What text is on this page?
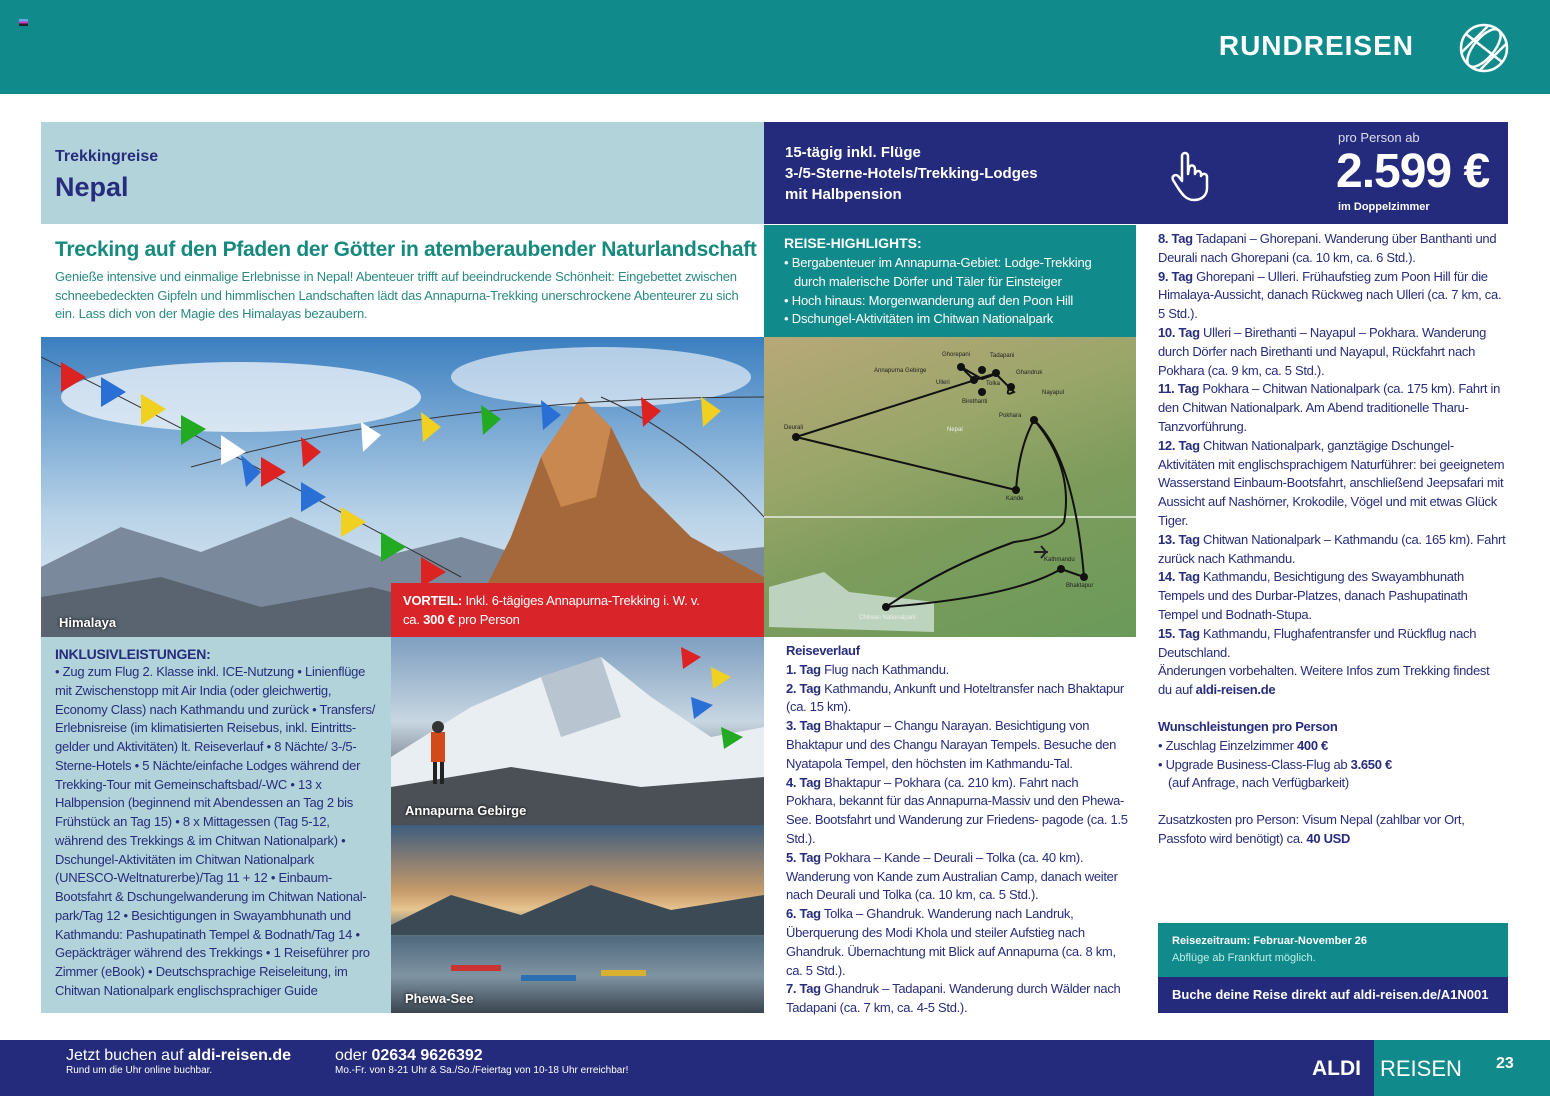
RUNDREISEN
Trekkingreise
Nepal
15-tägig inkl. Flüge
3-/5-Sterne-Hotels/Trekking-Lodges
mit Halbpension
pro Person ab
2.599 €
im Doppelzimmer
Trecking auf den Pfaden der Götter in atemberaubender Naturlandschaft
Genieße intensive und einmalige Erlebnisse in Nepal! Abenteuer trifft auf beeindruckende Schönheit: Eingebettet zwischen schneebedeckten Gipfeln und himmlischen Landschaften lädt das Annapurna-Trekking unerschrockene Abenteurer zu sich ein. Lass dich von der Magie des Himalayas bezaubern.
REISE-HIGHLIGHTS:
• Bergabenteuer im Annapurna-Gebiet: Lodge-Trekking durch malerische Dörfer und Täler für Einsteiger
• Hoch hinaus: Morgenwanderung auf den Poon Hill
• Dschungel-Aktivitäten im Chitwan Nationalpark
Himalaya
VORTEIL: Inkl. 6-tägiges Annapurna-Trekking i. W. v.
ca. 300 € pro Person
Ghorepani
Annapurna Gebirge
Tadapani
Ghandruk
Ulleri	Tolka
Birethanti
Nayapul
Deurali	Nepal
Pokhara
Kande
Kathmandu
Bhaktapur
Chitwan Nationalpark
INKLUSIVLEISTUNGEN:

• Zug zum Flug 2. Klasse inkl. ICE-Nutzung • Linienflüge mit Zwischenstopp mit Air India (oder gleichwertig, Economy Class) nach Kathmandu und zurück • Transfers/ Erlebnisreise (im klimatisierten Reisebus, inkl. Eintritts- gelder und Aktivitäten) lt. Reiseverlauf • 8 Nächte/ 3-/5-Sterne-Hotels • 5 Nächte/einfache Lodges während der Trekking-Tour mit Gemeinschaftsbad/-WC • 13 x Halbpension (beginnend mit Abendessen an Tag 2 bis Frühstück an Tag 15) • 8 x Mittagessen (Tag 5-12, während des Trekkings & im Chitwan Nationalpark) • Dschungel-Aktivitäten im Chitwan Nationalpark (UNESCO-Weltnaturerbe)/Tag 11 + 12 • Einbaum- Bootsfahrt & Dschungelwanderung im Chitwan National- park/Tag 12 • Besichtigungen in Swayambhunath und Kathmandu: Pashupatinath Tempel & Bodnath/Tag 14 • Gepäckträger während des Trekkings • 1 Reiseführer pro Zimmer (eBook) • Deutschsprachige Reiseleitung, im Chitwan Nationalpark englischsprachiger Guide

Annapurna Gebirge
Phewa-See
Reiseverlauf
1. Tag Flug nach Kathmandu.
2. Tag Kathmandu, Ankunft und Hoteltransfer nach Bhaktapur (ca. 15 km).
3. Tag Bhaktapur – Changu Narayan. Besichtigung von Bhaktapur und des Changu Narayan Tempels. Besuche den Nyatapola Tempel, den höchsten im Kathmandu-Tal.
4. Tag Bhaktapur – Pokhara (ca. 210 km). Fahrt nach Pokhara, bekannt für das Annapurna-Massiv und den Phewa-See. Bootsfahrt und Wanderung zur Friedens- pagode (ca. 1.5 Std.).
5. Tag Pokhara – Kande – Deurali – Tolka (ca. 40 km). Wanderung von Kande zum Australian Camp, danach weiter nach Deurali und Tolka (ca. 10 km, ca. 5 Std.).
6. Tag Tolka – Ghandruk. Wanderung nach Landruk, Überquerung des Modi Khola und steiler Aufstieg nach Ghandruk. Übernachtung mit Blick auf Annapurna (ca. 8 km, ca. 5 Std.).
7. Tag Ghandruk – Tadapani. Wanderung durch Wälder nach Tadapani (ca. 7 km, ca. 4-5 Std.).
8. Tag Tadapani – Ghorepani. Wanderung über Banthanti und Deurali nach Ghorepani (ca. 10 km, ca. 6 Std.).
9. Tag Ghorepani – Ulleri. Frühaufstieg zum Poon Hill für die Himalaya-Aussicht, danach Rückweg nach Ulleri (ca. 7 km, ca. 5 Std.).
10. Tag Ulleri – Birethanti – Nayapul – Pokhara. Wanderung durch Dörfer nach Birethanti und Nayapul, Rückfahrt nach Pokhara (ca. 9 km, ca. 5 Std.).
11. Tag Pokhara – Chitwan Nationalpark (ca. 175 km). Fahrt in den Chitwan Nationalpark. Am Abend traditionelle Tharu-Tanzvorführung.
12. Tag Chitwan Nationalpark, ganztägige Dschungel- Aktivitäten mit englischsprachigem Naturführer: bei geeignetem Wasserstand Einbaum-Bootsfahrt, anschließend Jeepsafari mit Aussicht auf Nashörner, Krokodile, Vögel und mit etwas Glück Tiger.
13. Tag Chitwan Nationalpark – Kathmandu (ca. 165 km). Fahrt zurück nach Kathmandu.
14. Tag Kathmandu, Besichtigung des Swayambhunath Tempels und des Durbar-Platzes, danach Pashupatinath Tempel und Bodnath-Stupa.
15. Tag Kathmandu, Flughafentransfer und Rückflug nach Deutschland.
Änderungen vorbehalten. Weitere Infos zum Trekking findest du auf aldi-reisen.de
Wunschleistungen pro Person
• Zuschlag Einzelzimmer 400 €
• Upgrade Business-Class-Flug ab 3.650 €
(auf Anfrage, nach Verfügbarkeit)
Zusatzkosten pro Person: Visum Nepal (zahlbar vor Ort, Passfoto wird benötigt) ca. 40 USD
Reisezeitraum: Februar-November 26
Abflüge ab Frankfurt möglich.
Buche deine Reise direkt auf aldi-reisen.de/A1N001
Jetzt buchen auf aldi-reisen.de
Rund um die Uhr online buchbar.
oder 02634 9626392
Mo.-Fr. von 8-21 Uhr & Sa./So./Feiertag von 10-18 Uhr erreichbar!	ALDI REISEN 23
